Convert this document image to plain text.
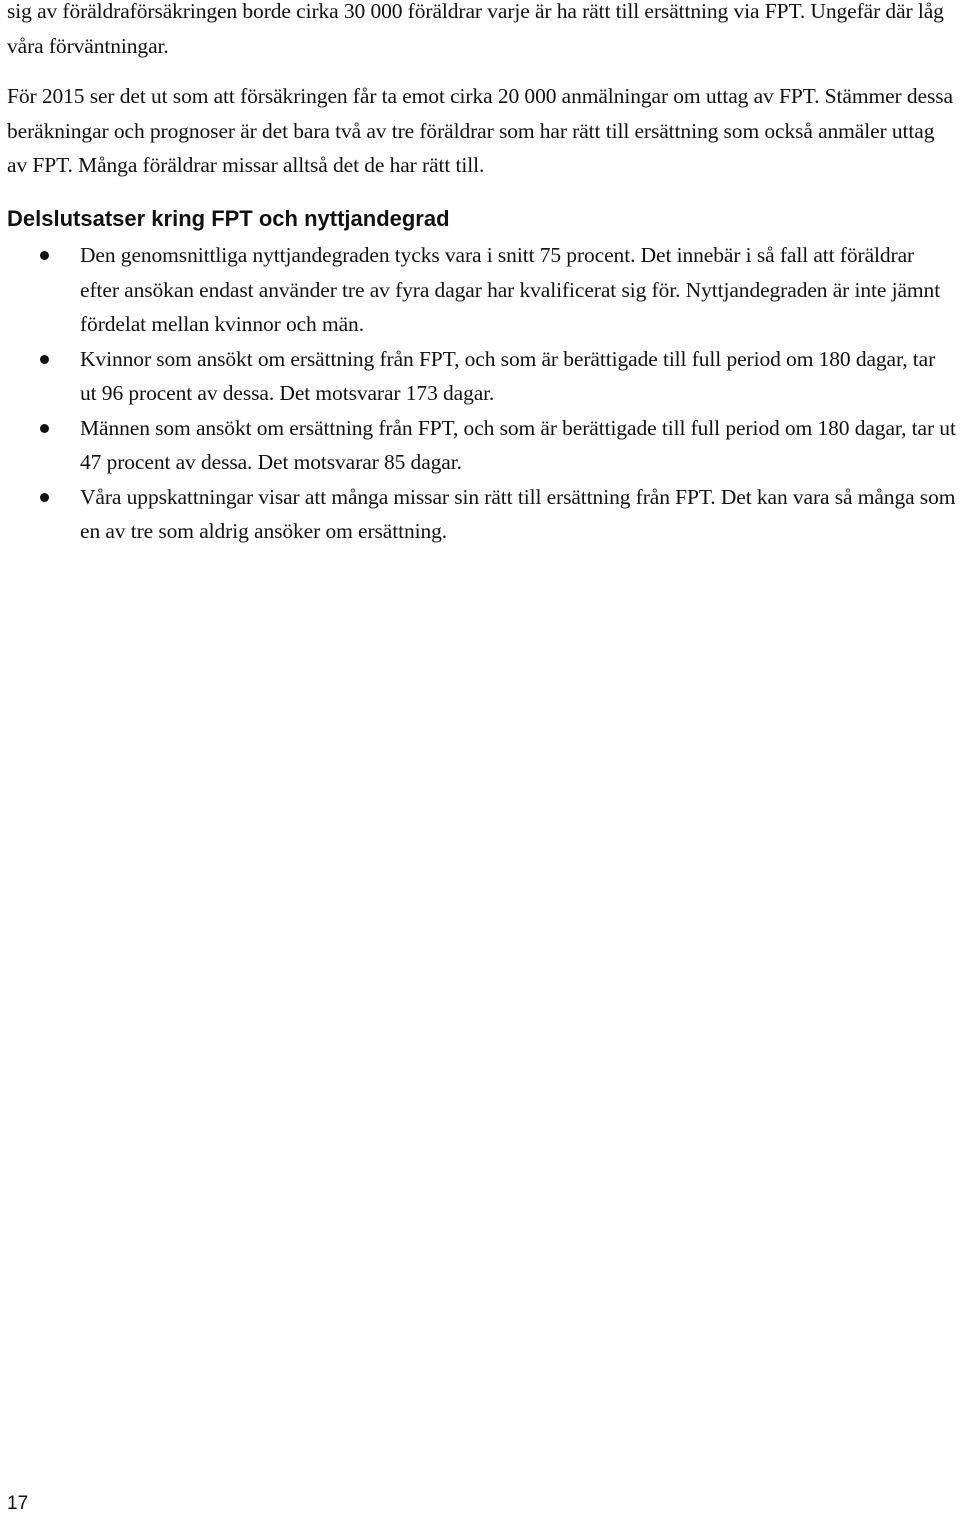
sig av föräldraförsäkringen borde cirka 30 000 föräldrar varje är ha rätt till ersättning via FPT. Ungefär där låg våra förväntningar.

För 2015 ser det ut som att försäkringen får ta emot cirka 20 000 anmälningar om uttag av FPT. Stämmer dessa beräkningar och prognoser är det bara två av tre föräldrar som har rätt till ersättning som också anmäler uttag av FPT. Många föräldrar missar alltså det de har rätt till.

Delslutsatser kring FPT och nyttjandegrad
Den genomsnittliga nyttjandegraden tycks vara i snitt 75 procent. Det innebär i så fall att föräldrar efter ansökan endast använder tre av fyra dagar har kvalificerat sig för. Nyttjandegraden är inte jämnt fördelat mellan kvinnor och män.
Kvinnor som ansökt om ersättning från FPT, och som är berättigade till full period om 180 dagar, tar ut 96 procent av dessa. Det motsvarar 173 dagar.
Männen som ansökt om ersättning från FPT, och som är berättigade till full period om 180 dagar, tar ut 47 procent av dessa. Det motsvarar 85 dagar.
Våra uppskattningar visar att många missar sin rätt till ersättning från FPT. Det kan vara så många som en av tre som aldrig ansöker om ersättning.
17
